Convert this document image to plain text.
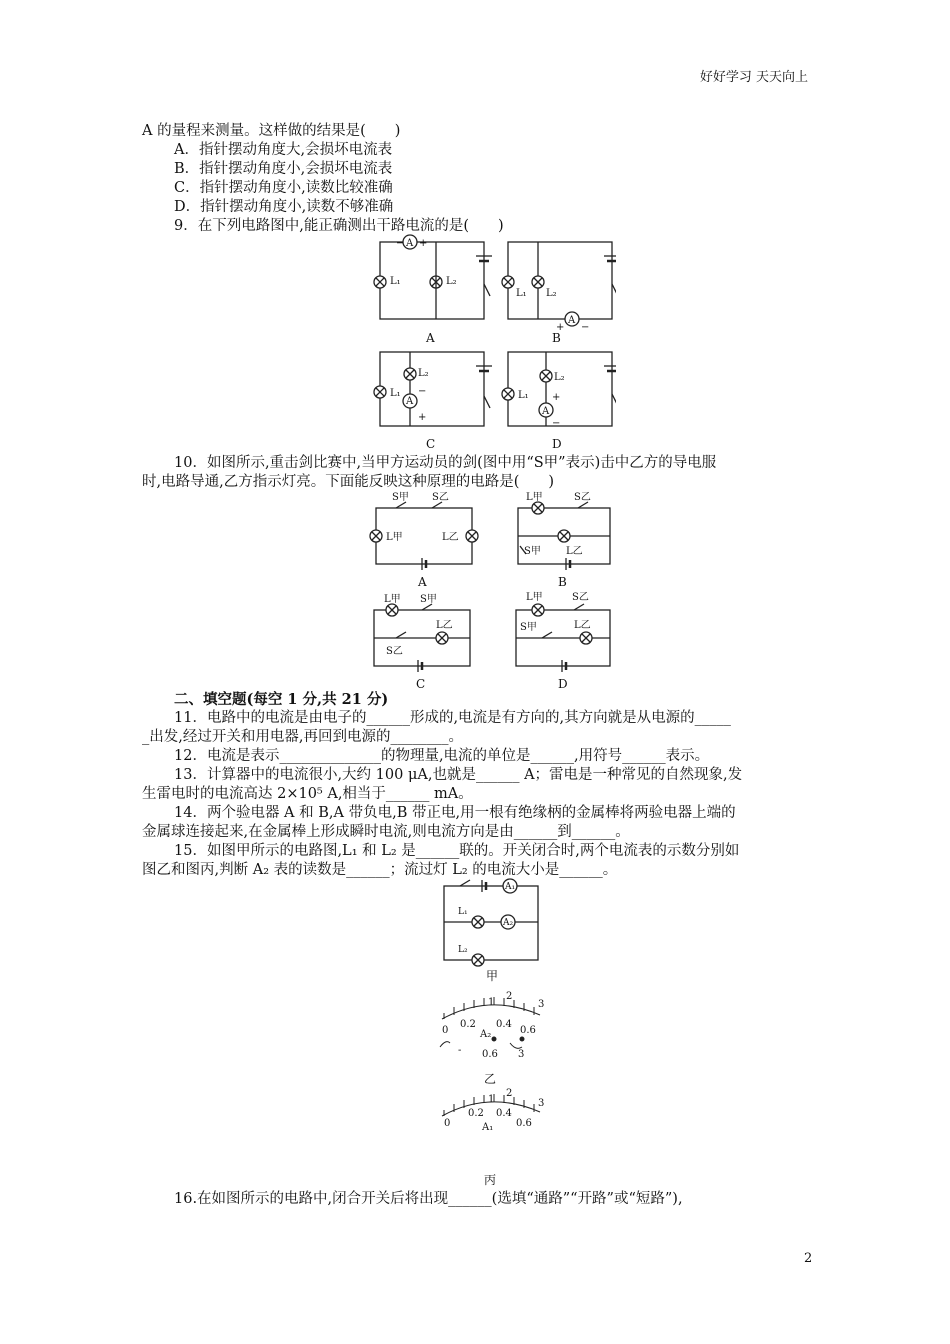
好好学习 天天向上
A 的量程来测量。这样做的结果是(　　)
A．指针摆动角度大,会损坏电流表
B．指针摆动角度小,会损坏电流表
C．指针摆动角度小,读数比较准确
D．指针摆动角度小,读数不够准确
9．在下列电路图中,能正确测出干路电流的是(　　)
A
− +
L₁	L₂
A
+ −
L₁ L₂
L₁
L₂
A
−
+
L₁
L₂
A
+
−
A	B
C	D
10．如图所示,重击剑比赛中,当甲方运动员的剑(图中用“S甲”表示)击中乙方的导电服
时,电路导通,乙方指示灯亮。下面能反映这种原理的电路是(　　)
S甲 S乙
L甲	L乙
L甲	S乙
S甲	L乙
L甲 S甲
S乙
L乙
L甲	S乙
S甲	L乙
A	B
C	D
二、填空题(每空 1 分,共 21 分)
11．电路中的电流是由电子的______形成的,电流是有方向的,其方向就是从电源的_____
_出发,经过开关和用电器,再回到电源的________。
12．电流是表示______________的物理量,电流的单位是______,用符号______表示。
13．计算器中的电流很小,大约 100 μA,也就是______ A；雷电是一种常见的自然现象,发
生雷电时的电流高达 2×10⁵ A,相当于______ mA。
14．两个验电器 A 和 B,A 带负电,B 带正电,用一根有绝缘柄的金属棒将两验电器上端的
金属球连接起来,在金属棒上形成瞬时电流,则电流方向是由______到______。
15．如图甲所示的电路图,L₁ 和 L₂ 是______联的。开关闭合时,两个电流表的示数分别如
图乙和图丙,判断 A₂ 表的读数是______；流过灯 L₂ 的电流大小是______。
A₁
A₂
L₁
L₂
甲
0
0.2
1
2
0.4
0.6
3
A₂
- 0.6 3
乙
0
0.2
1
2
0.4
0.6
3
A₁
丙
16.在如图所示的电路中,闭合开关后将出现______(选填“通路”“开路”或“短路”),
2
